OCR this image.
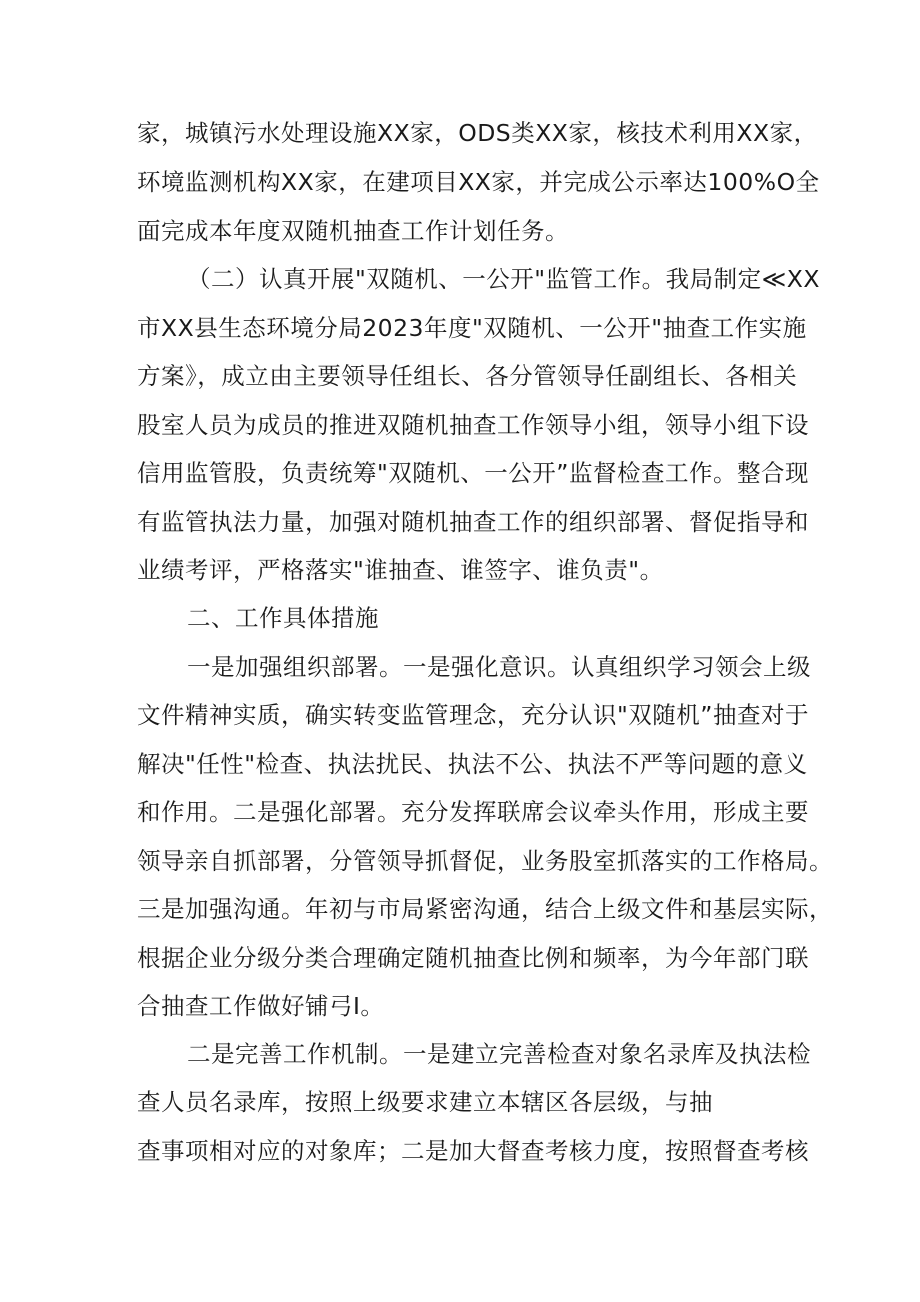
家，城镇污水处理设施XX家，ODS类XX家，核技术利用XX家，
环境监测机构XX家，在建项目XX家，并完成公示率达100%O全
面完成本年度双随机抽查工作计划任务。
（二）认真开展"双随机、一公开"监管工作。我局制定≪XX
市XX县生态环境分局2023年度"双随机、一公开"抽查工作实施
方案》，成立由主要领导任组长、各分管领导任副组长、各相关
股室人员为成员的推进双随机抽查工作领导小组，领导小组下设
信用监管股，负责统筹"双随机、一公开”监督检查工作。整合现
有监管执法力量，加强对随机抽查工作的组织部署、督促指导和
业绩考评，严格落实"谁抽查、谁签字、谁负责"。
二、工作具体措施
一是加强组织部署。一是强化意识。认真组织学习领会上级
文件精神实质，确实转变监管理念，充分认识"双随机”抽查对于
解决"任性"检查、执法扰民、执法不公、执法不严等问题的意义
和作用。二是强化部署。充分发挥联席会议牵头作用，形成主要
领导亲自抓部署，分管领导抓督促，业务股室抓落实的工作格局。
三是加强沟通。年初与市局紧密沟通，结合上级文件和基层实际，
根据企业分级分类合理确定随机抽查比例和频率，为今年部门联
合抽查工作做好铺弓I。
二是完善工作机制。一是建立完善检查对象名录库及执法检
查人员名录库，按照上级要求建立本辖区各层级，与抽
查事项相对应的对象库；二是加大督查考核力度，按照督查考核
